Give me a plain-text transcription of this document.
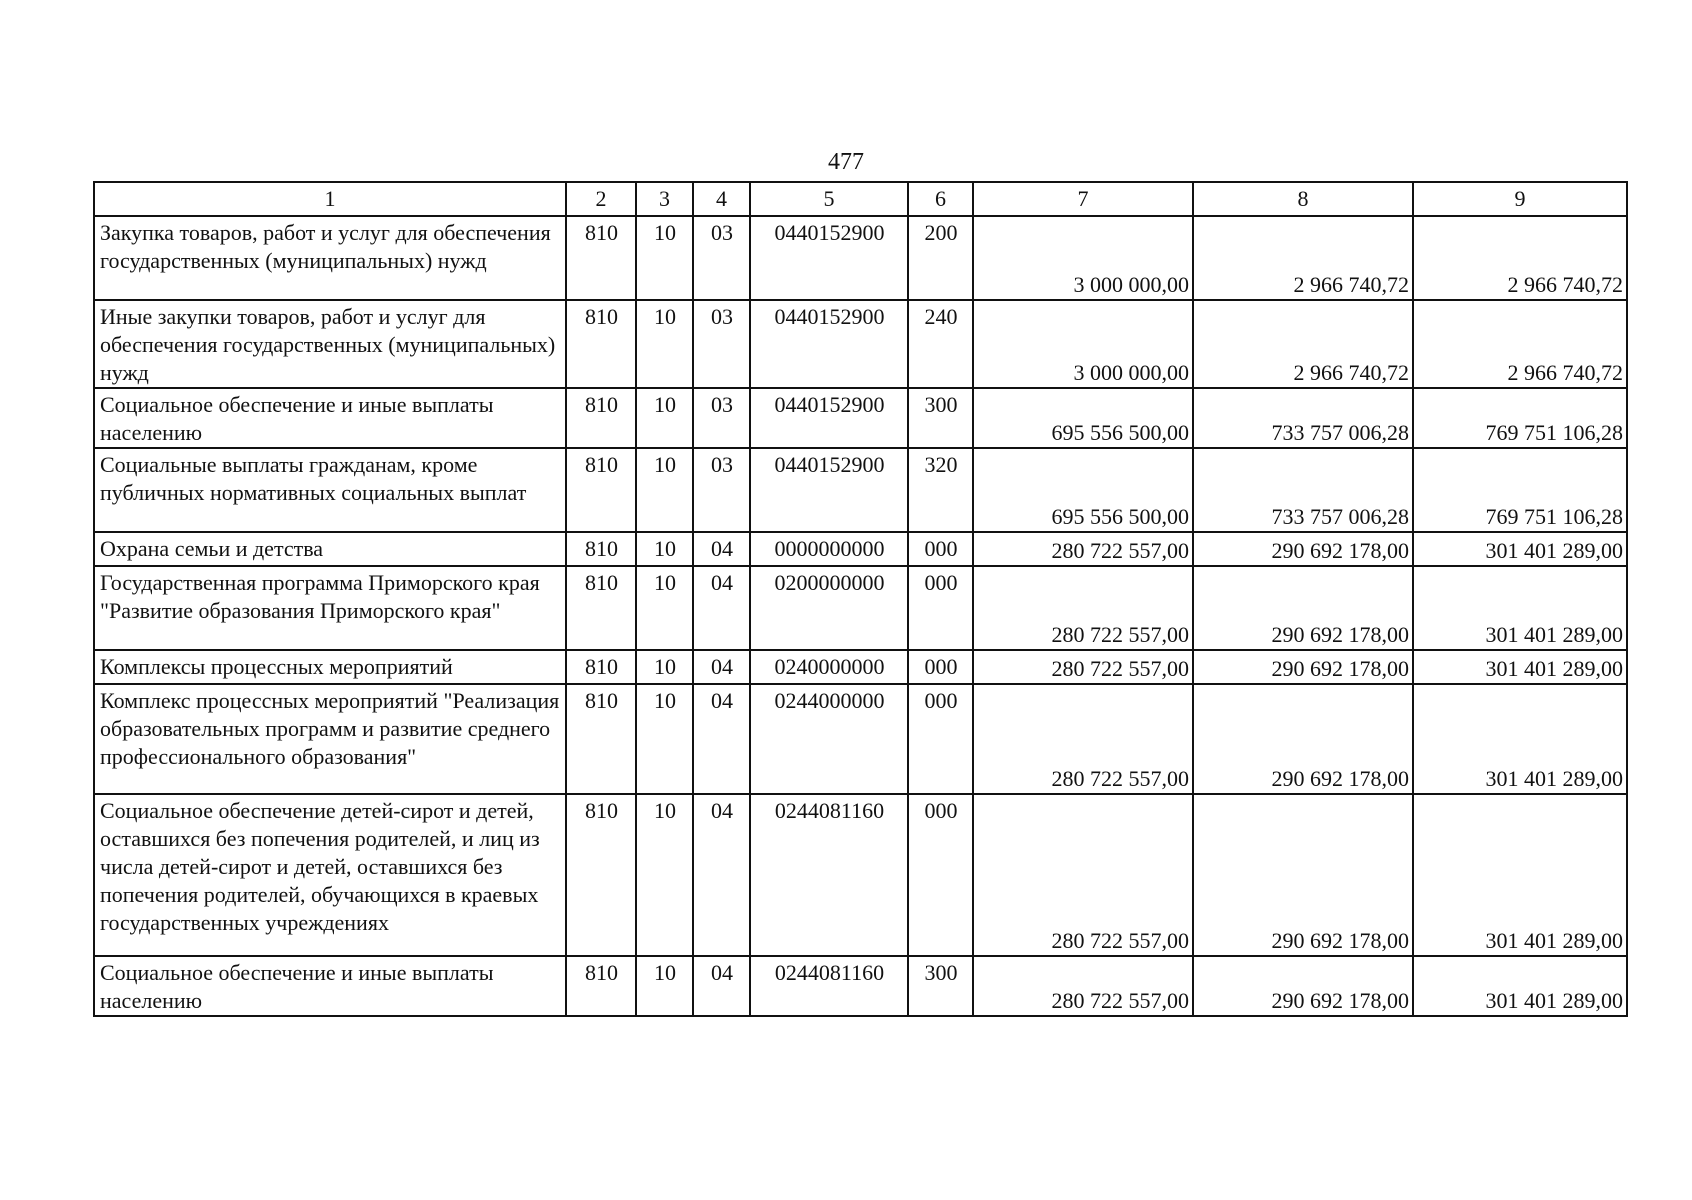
477
1	2	3	4	5	6	7	8	9
Закупка товаров, работ и услуг для обеспечения государственных (муниципальных) нужд	810	10	03	0440152900	200	3 000 000,00	2 966 740,72	2 966 740,72
Иные закупки товаров, работ и услуг для обеспечения государственных (муниципальных) нужд	810	10	03	0440152900	240	3 000 000,00	2 966 740,72	2 966 740,72
Социальное обеспечение и иные выплаты населению	810	10	03	0440152900	300	695 556 500,00	733 757 006,28	769 751 106,28
Социальные выплаты гражданам, кроме публичных нормативных социальных выплат	810	10	03	0440152900	320	695 556 500,00	733 757 006,28	769 751 106,28
Охрана семьи и детства	810	10	04	0000000000	000	280 722 557,00	290 692 178,00	301 401 289,00
Государственная программа Приморского края "Развитие образования Приморского края"	810	10	04	0200000000	000	280 722 557,00	290 692 178,00	301 401 289,00
Комплексы процессных мероприятий	810	10	04	0240000000	000	280 722 557,00	290 692 178,00	301 401 289,00
Комплекс процессных мероприятий "Реализация образовательных программ и развитие среднего профессионального образования"	810	10	04	0244000000	000	280 722 557,00	290 692 178,00	301 401 289,00
Социальное обеспечение детей-сирот и детей, оставшихся без попечения родителей, и лиц из числа детей-сирот и детей, оставшихся без попечения родителей, обучающихся в краевых государственных учреждениях	810	10	04	0244081160	000	280 722 557,00	290 692 178,00	301 401 289,00
Социальное обеспечение и иные выплаты населению	810	10	04	0244081160	300	280 722 557,00	290 692 178,00	301 401 289,00
